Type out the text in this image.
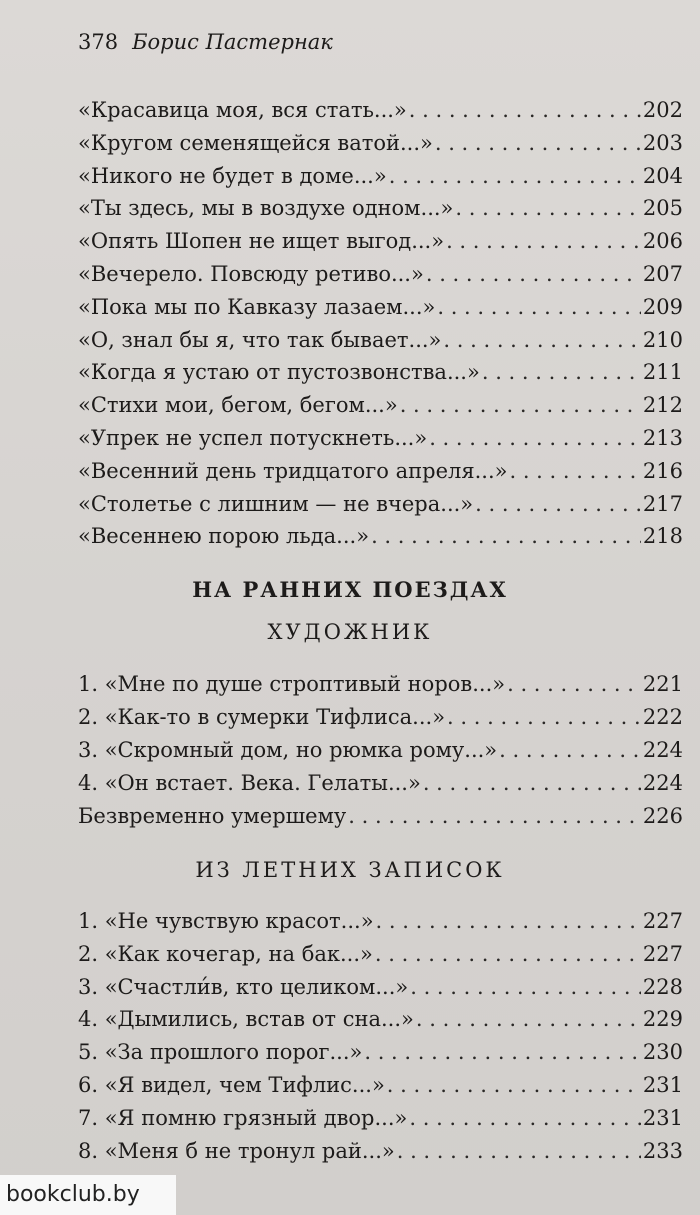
378 Борис Пастернак
«Красавица моя, вся стать...» . . .	202
«Кругом семенящейся ватой...» . . .	203
«Никого не будет в доме...» . . .	204
«Ты здесь, мы в воздухе одном...» . . .	205
«Опять Шопен не ищет выгод...» . . .	206
«Вечерело. Повсюду ретиво...» . . .	207
«Пока мы по Кавказу лазаем...» . . .	209
«О, знал бы я, что так бывает...» . . .	210
«Когда я устаю от пустозвонства...» . . .	211
«Стихи мои, бегом, бегом...» . . .	212
«Упрек не успел потускнеть...» . . .	213
«Весенний день тридцатого апреля...» . . .	216
«Столетье с лишним — не вчера...» . . .	217
«Весеннею порою льда...» . . .	218
НА РАННИХ ПОЕЗДАХ
ХУДОЖНИК
1. «Мне по душе строптивый норов...» . . .	221
2. «Как-то в сумерки Тифлиса...» . . .	222
3. «Скромный дом, но рюмка рому...» . . .	224
4. «Он встает. Века. Гелаты...» . . .	224
Безвременно умершему . . .	226
ИЗ ЛЕТНИХ ЗАПИСОК
1. «Не чувствую красот...» . . .	227
2. «Как кочегар, на бак...» . . .	227
3. «Счастли́в, кто целиком...» . . .	228
4. «Дымились, встав от сна...» . . .	229
5. «За прошлого порог...» . . .	230
6. «Я видел, чем Тифлис...» . . .	231
7. «Я помню грязный двор...» . . .	231
8. «Меня б не тронул рай...» . . .	233
bookclub.by
